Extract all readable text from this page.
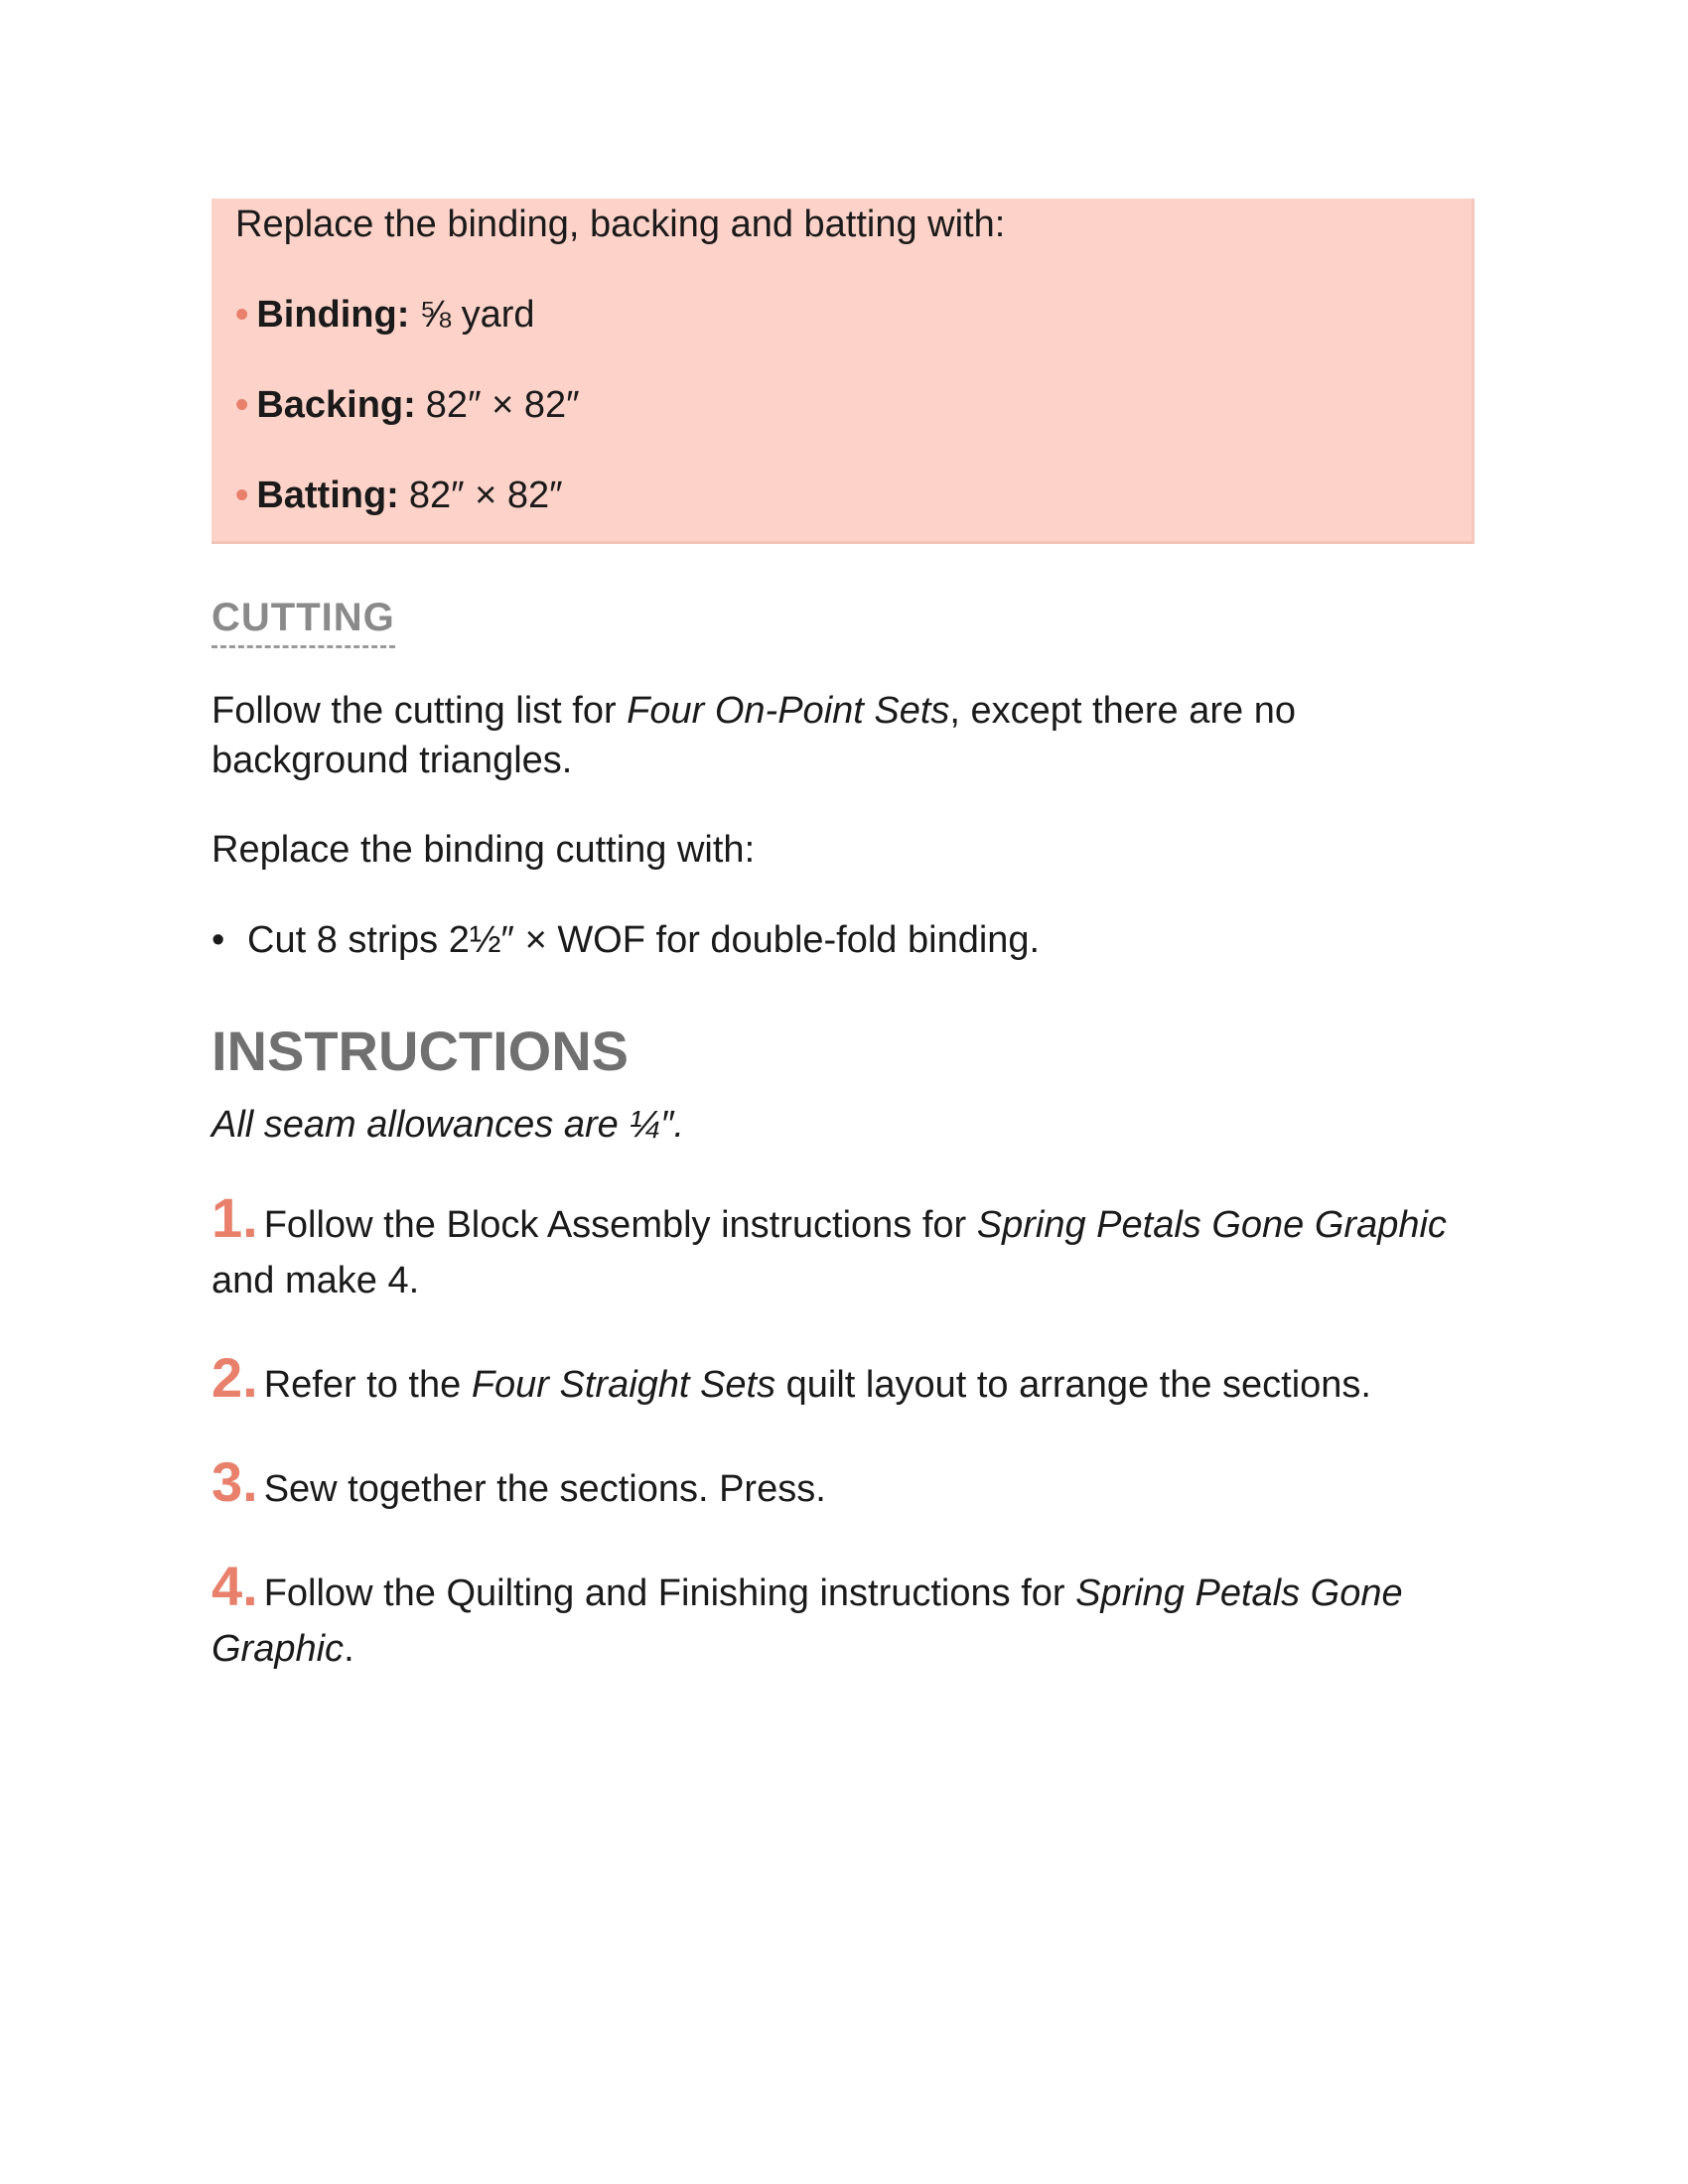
Replace the binding, backing and batting with:

• Binding: ⅝ yard
• Backing: 82″ × 82″
• Batting: 82″ × 82″
CUTTING

Follow the cutting list for Four On-Point Sets, except there are no background triangles.

Replace the binding cutting with:

• Cut 8 strips 2½″ × WOF for double-fold binding.
INSTRUCTIONS
All seam allowances are ¼″.
1. Follow the Block Assembly instructions for Spring Petals Gone Graphic and make 4.
2. Refer to the Four Straight Sets quilt layout to arrange the sections.
3. Sew together the sections. Press.
4. Follow the Quilting and Finishing instructions for Spring Petals Gone Graphic.
